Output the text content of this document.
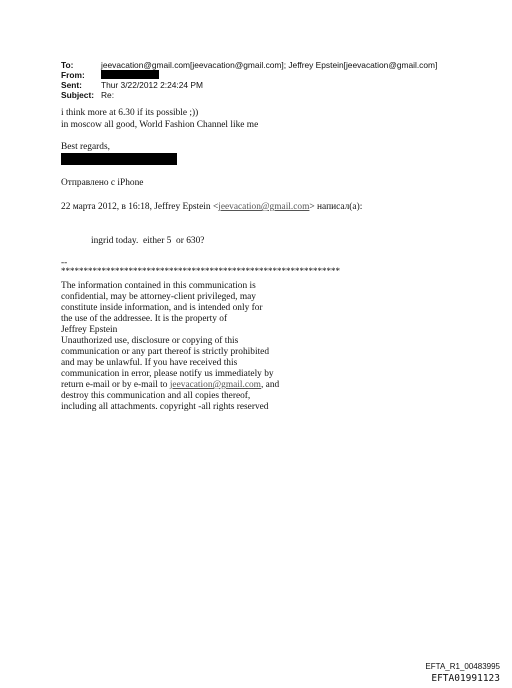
To:	jeevacation@gmail.com[jeevacation@gmail.com]; Jeffrey Epstein[jeevacation@gmail.com]
From:
Sent:	Thur 3/22/2012 2:24:24 PM
Subject: Re:
i think more at 6.30 if its possible ;))
in moscow all good, World Fashion Channel like me
Best regards,
Отправлено с iPhone
22 марта 2012, в 16:18, Jeffrey Epstein <jeevacation@gmail.com> написал(а):
ingrid today.  either 5  or 630?
--
**************************************************************
The information contained in this communication is
confidential, may be attorney-client privileged, may
constitute inside information, and is intended only for
the use of the addressee. It is the property of
Jeffrey Epstein
Unauthorized use, disclosure or copying of this
communication or any part thereof is strictly prohibited
and may be unlawful. If you have received this
communication in error, please notify us immediately by
return e-mail or by e-mail to jeevacation@gmail.com, and
destroy this communication and all copies thereof,
including all attachments. copyright -all rights reserved
EFTA_R1_00483995
EFTA01991123
